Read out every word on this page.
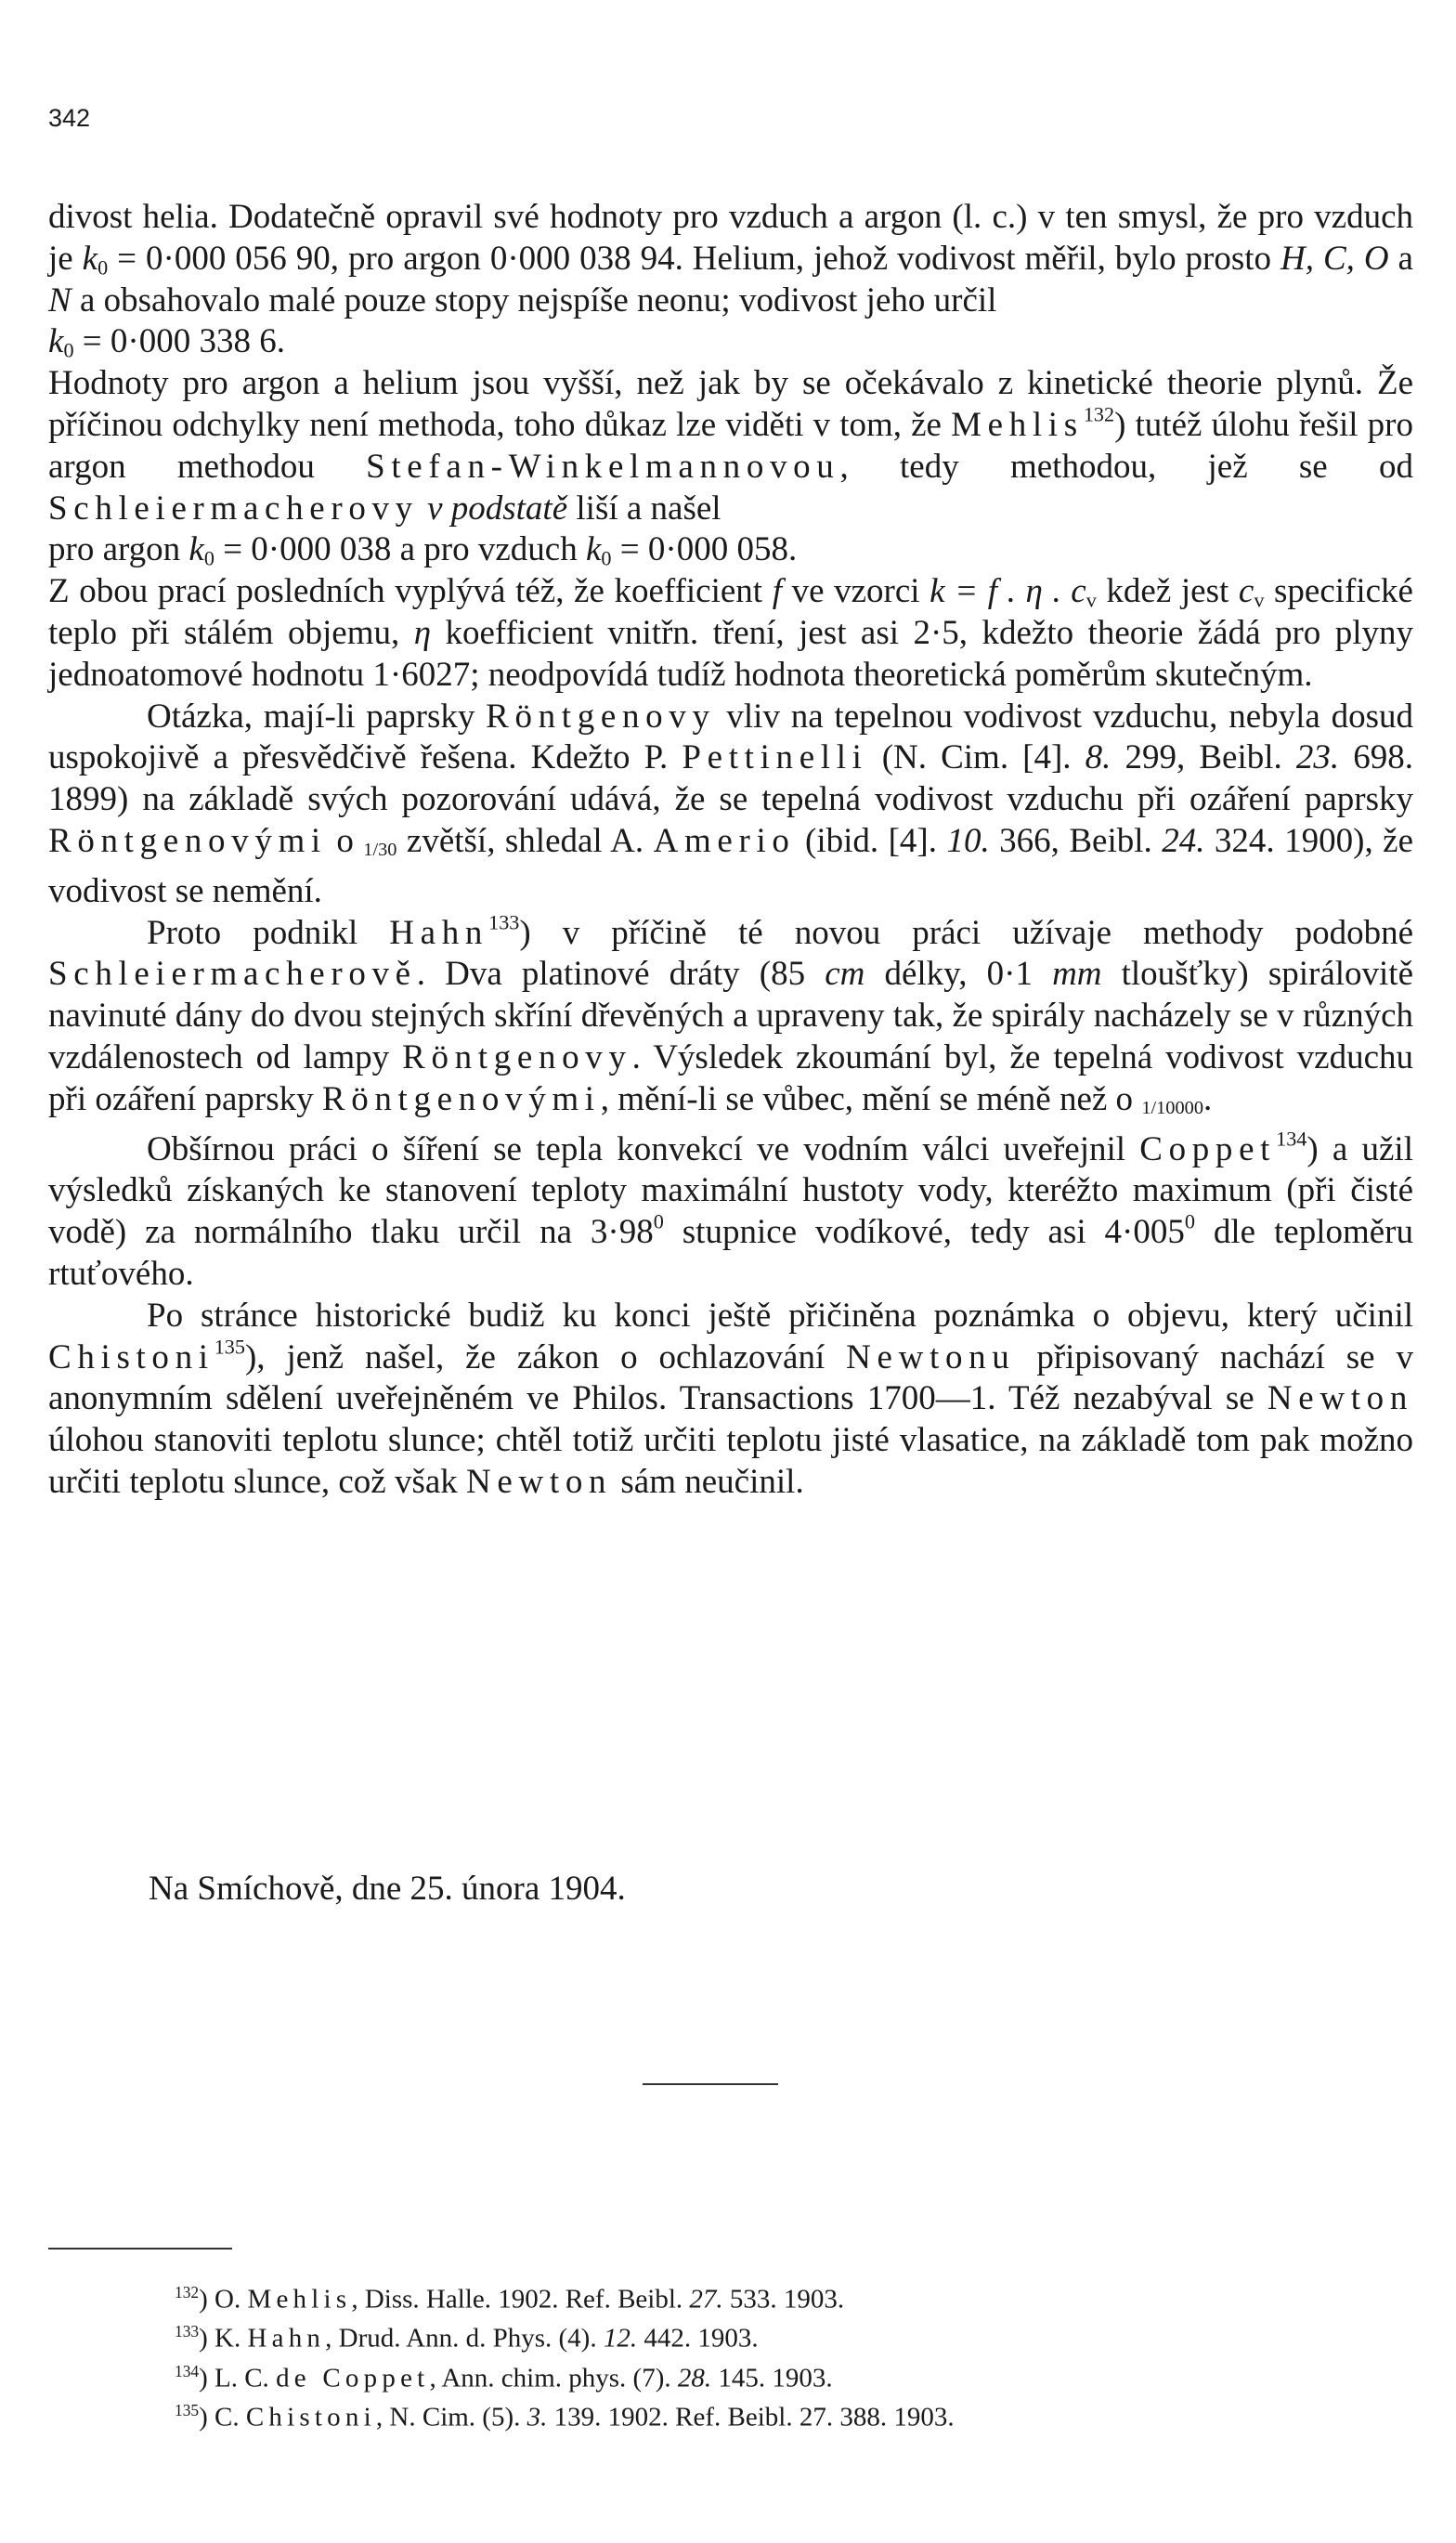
342

divost helia. Dodatečně opravil své hodnoty pro vzduch a argon (l. c.) v ten smysl, že pro vzduch je $k_0 = 0\cdot 000$ 056 90, pro argon 0·000 038 94. Helium, jehož vodivost měřil, bylo prosto H, C, O a N a obsahovalo malé pouze stopy nejspíše neonu; vodivost jeho určil

$k_0 = 0\cdot 000$ 338 6.

Hodnoty pro argon a helium jsou vyšší, než jak by se očekávalo z kinetické theorie plynů. Že příčinou odchylky není methoda, toho důkaz lze viděti v tom, že Mehlis$^{132}$) tutéž úlohu řešil pro argon methodou Stefan-Winkelmannovou, tedy methodou, jež se od Schleiermacherovy v podstatě liší a našel

pro argon $k_0 = 0\cdot 000$ 038 a pro vzduch $k_0 = 0\cdot 000$ 058.

Z obou prací posledních vyplývá též, že koefficient f ve vzorci k = f . η . $c_v$ kdež jest $c_v$ specifické teplo při stálém objemu, η koefficient vnitřn. tření, jest asi 2·5, kdežto theorie žádá pro plyny jednoatomové hodnotu 1·6027; neodpovídá tudíž hodnota theoretická poměrům skutečným.

Otázka, mají-li paprsky Röntgenovy vliv na tepelnou vodivost vzduchu, nebyla dosud uspokojivě a přesvědčivě řešena. Kdežto P. Pettinelli (N. Cim. [4]. 8. 299, Beibl. 23. 698. 1899) na základě svých pozorování udává, že se tepelná vodivost vzduchu při ozáření paprsky Röntgenovými o 1/30 zvětší, shledal A. Amerio (ibid. [4]. 10. 366, Beibl. 24. 324. 1900), že vodivost se nemění.

Proto podnikl Hahn$^{133}$) v příčině té novou práci užívaje methody podobné Schleiermacherově. Dva platinové dráty (85 cm délky, 0·1 mm tloušťky) spirálovitě navinuté dány do dvou stejných skříní dřevěných a upraveny tak, že spirály nacházely se v různých vzdálenostech od lampy Röntgenovy. Výsledek zkoumání byl, že tepelná vodivost vzduchu při ozáření paprsky Röntgenovými, mění-li se vůbec, mění se méně než o 1/10000.

Obšírnou práci o šíření se tepla konvekcí ve vodním válci uveřejnil Coppet$^{134}$) a užil výsledků získaných ke stanovení teploty maximální hustoty vody, kteréžto maximum (při čisté vodě) za normálního tlaku určil na $3\cdot 98^0$ stupnice vodíkové, tedy asi $4\cdot 005^0$ dle teploměru rtuťového.

Po stránce historické budiž ku konci ještě přičiněna poznámka o objevu, který učinil Chistoni$^{135}$), jenž našel, že zákon o ochlazování Newtonu připisovaný nachází se v anonymním sdělení uveřejněném ve Philos. Transactions 1700—1. Též nezabýval se Newton úlohou stanoviti teplotu slunce; chtěl totiž určiti teplotu jisté vlasatice, na základě tom pak možno určiti teplotu slunce, což však Newton sám neučinil.

Na Smíchově, dne 25. února 1904.
$^{132}$) O. Mehlis, Diss. Halle. 1902. Ref. Beibl. 27. 533. 1903.
$^{133}$) K. Hahn, Drud. Ann. d. Phys. (4). 12. 442. 1903.
$^{134}$) L. C. de Coppet, Ann. chim. phys. (7). 28. 145. 1903.
$^{135}$) C. Chistoni, N. Cim. (5). 3. 139. 1902. Ref. Beibl. 27. 388. 1903.
